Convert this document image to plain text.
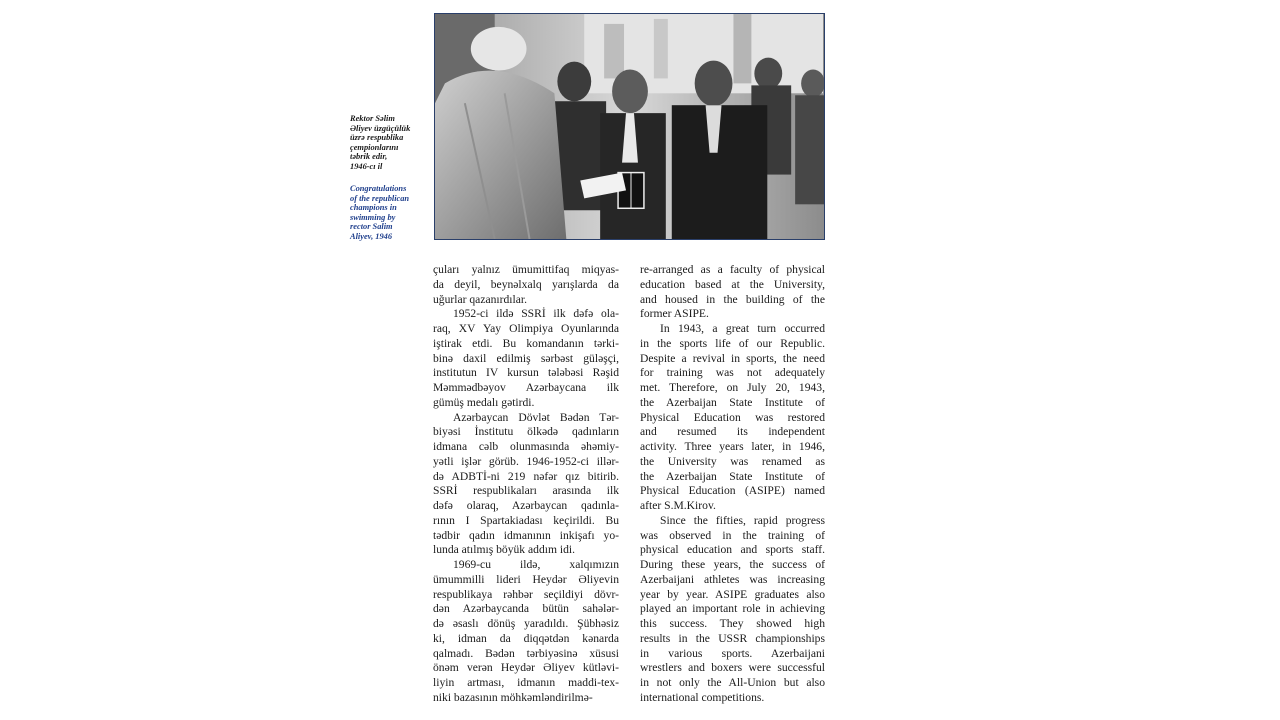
Rektor Səlim
Əliyev üzgüçülük
üzrə respublika
çempionlarını
təbrik edir,
1946-cı il
Congratulations
of the republican
champions in
swimming by
rector Salim
Aliyev, 1946

çuları yalnız ümumittifaq miqyas-
da deyil, beynəlxalq yarışlarda da
uğurlar qazanırdılar.

1952-ci ildə SSRİ ilk dəfə ola-
raq, XV Yay Olimpiya Oyunlarında
iştirak etdi. Bu komandanın tərki-
binə daxil edilmiş sərbəst güləşçi,
institutun IV kursun tələbəsi Rəşid
Məmmədbəyov Azərbaycana ilk
gümüş medalı gətirdi.

Azərbaycan Dövlət Bədən Tər-
biyəsi İnstitutu ölkədə qadınların
idmana cəlb olunmasında əhəmiy-
yətli işlər görüb. 1946-1952-ci illər-
də ADBTİ-ni 219 nəfər qız bitirib.
SSRİ respublikaları arasında ilk
dəfə olaraq, Azərbaycan qadınla-
rının I Spartakiadası keçirildi. Bu
tədbir qadın idmanının inkişafı yo-
lunda atılmış böyük addım idi.

1969-cu ildə, xalqımızın
ümummilli lideri Heydər Əliyevin
respublikaya rəhbər seçildiyi dövr-
dən Azərbaycanda bütün sahələr-
də əsaslı dönüş yaradıldı. Şübhəsiz
ki, idman da diqqətdən kənarda
qalmadı. Bədən tərbiyəsinə xüsusi
önəm verən Heydər Əliyev kütləvi-
liyin artması, idmanın maddi-tex-
niki bazasının möhkəmləndirilmə-

re-arranged as a faculty of physical
education based at the University,
and housed in the building of the
former ASIPE.

In 1943, a great turn occurred
in the sports life of our Republic.
Despite a revival in sports, the need
for training was not adequately
met. Therefore, on July 20, 1943,
the Azerbaijan State Institute of
Physical Education was restored
and resumed its independent
activity. Three years later, in 1946,
the University was renamed as
the Azerbaijan State Institute of
Physical Education (ASIPE) named
after S.M.Kirov.

Since the fifties, rapid progress
was observed in the training of
physical education and sports staff.
During these years, the success of
Azerbaijani athletes was increasing
year by year. ASIPE graduates also
played an important role in achieving
this success. They showed high
results in the USSR championships
in various sports. Azerbaijani
wrestlers and boxers were successful
in not only the All-Union but also
international competitions.
